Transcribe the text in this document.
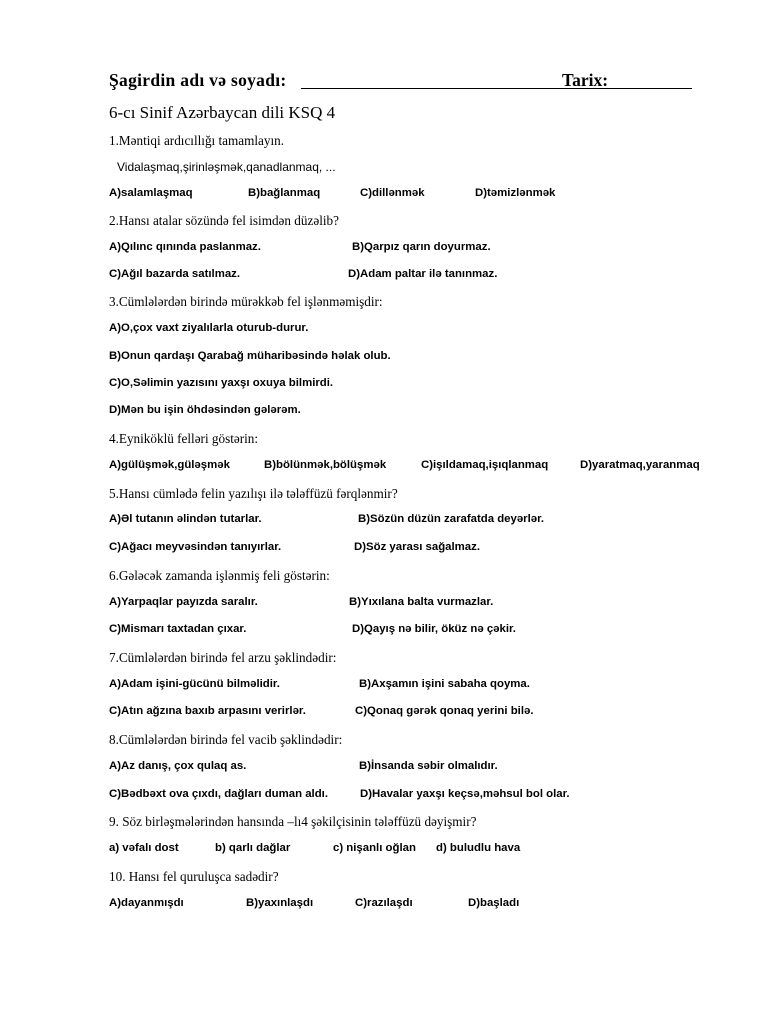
Şagirdin adı və soyadı:	Tarix:
6-cı Sinif Azərbaycan dili KSQ 4
1.Məntiqi ardıcıllığı tamamlayın.
Vidalaşmaq,şirinləşmək,qanadlanmaq, ...
A)salamlaşmaq	B)bağlanmaq	C)dillənmək	D)təmizlənmək
2.Hansı atalar sözündə fel isimdən düzəlib?
A)Qılınc qınında paslanmaz.	B)Qarpız qarın doyurmaz.
C)Ağıl bazarda satılmaz.	D)Adam paltar ilə tanınmaz.
3.Cümlələrdən birində mürəkkəb fel işlənməmişdir:
A)O,çox vaxt ziyalılarla oturub-durur.
B)Onun qardaşı Qarabağ müharibəsində həlak olub.
C)O,Səlimin yazısını yaxşı oxuya bilmirdi.
D)Mən bu işin öhdəsindən gələrəm.
4.Eyniköklü felləri göstərin:
A)gülüşmək,güləşmək	B)bölünmək,bölüşmək	C)işıldamaq,işıqlanmaq	D)yaratmaq,yaranmaq
5.Hansı cümlədə felin yazılışı ilə tələffüzü fərqlənmir?
A)Əl tutanın əlindən tutarlar.	B)Sözün düzün zarafatda deyərlər.
C)Ağacı meyvəsindən tanıyırlar.	D)Söz yarası sağalmaz.
6.Gələcək zamanda işlənmiş feli göstərin:
A)Yarpaqlar payızda saralır.	B)Yıxılana balta vurmazlar.
C)Mismarı taxtadan çıxar.	D)Qayış nə bilir, öküz nə çəkir.
7.Cümlələrdən birində fel arzu şəklindədir:
A)Adam işini-gücünü bilməlidir.	B)Axşamın işini sabaha qoyma.
C)Atın ağzına baxıb arpasını verirlər.	C)Qonaq gərək qonaq yerini bilə.
8.Cümlələrdən birində fel vacib şəklindədir:
A)Az danış, çox qulaq as.	B)İnsanda səbir olmalıdır.
C)Bədbəxt ova çıxdı, dağları duman aldı.	D)Havalar yaxşı keçsə,məhsul bol olar.
9. Söz birləşmələrindən hansında –lı4 şəkilçisinin tələffüzü dəyişmir?
a) vəfalı dost	b) qarlı dağlar	c) nişanlı oğlan d) buludlu hava
10. Hansı fel quruluşca sadədir?
A)dayanmışdı	B)yaxınlaşdı	C)razılaşdı	D)başladı
